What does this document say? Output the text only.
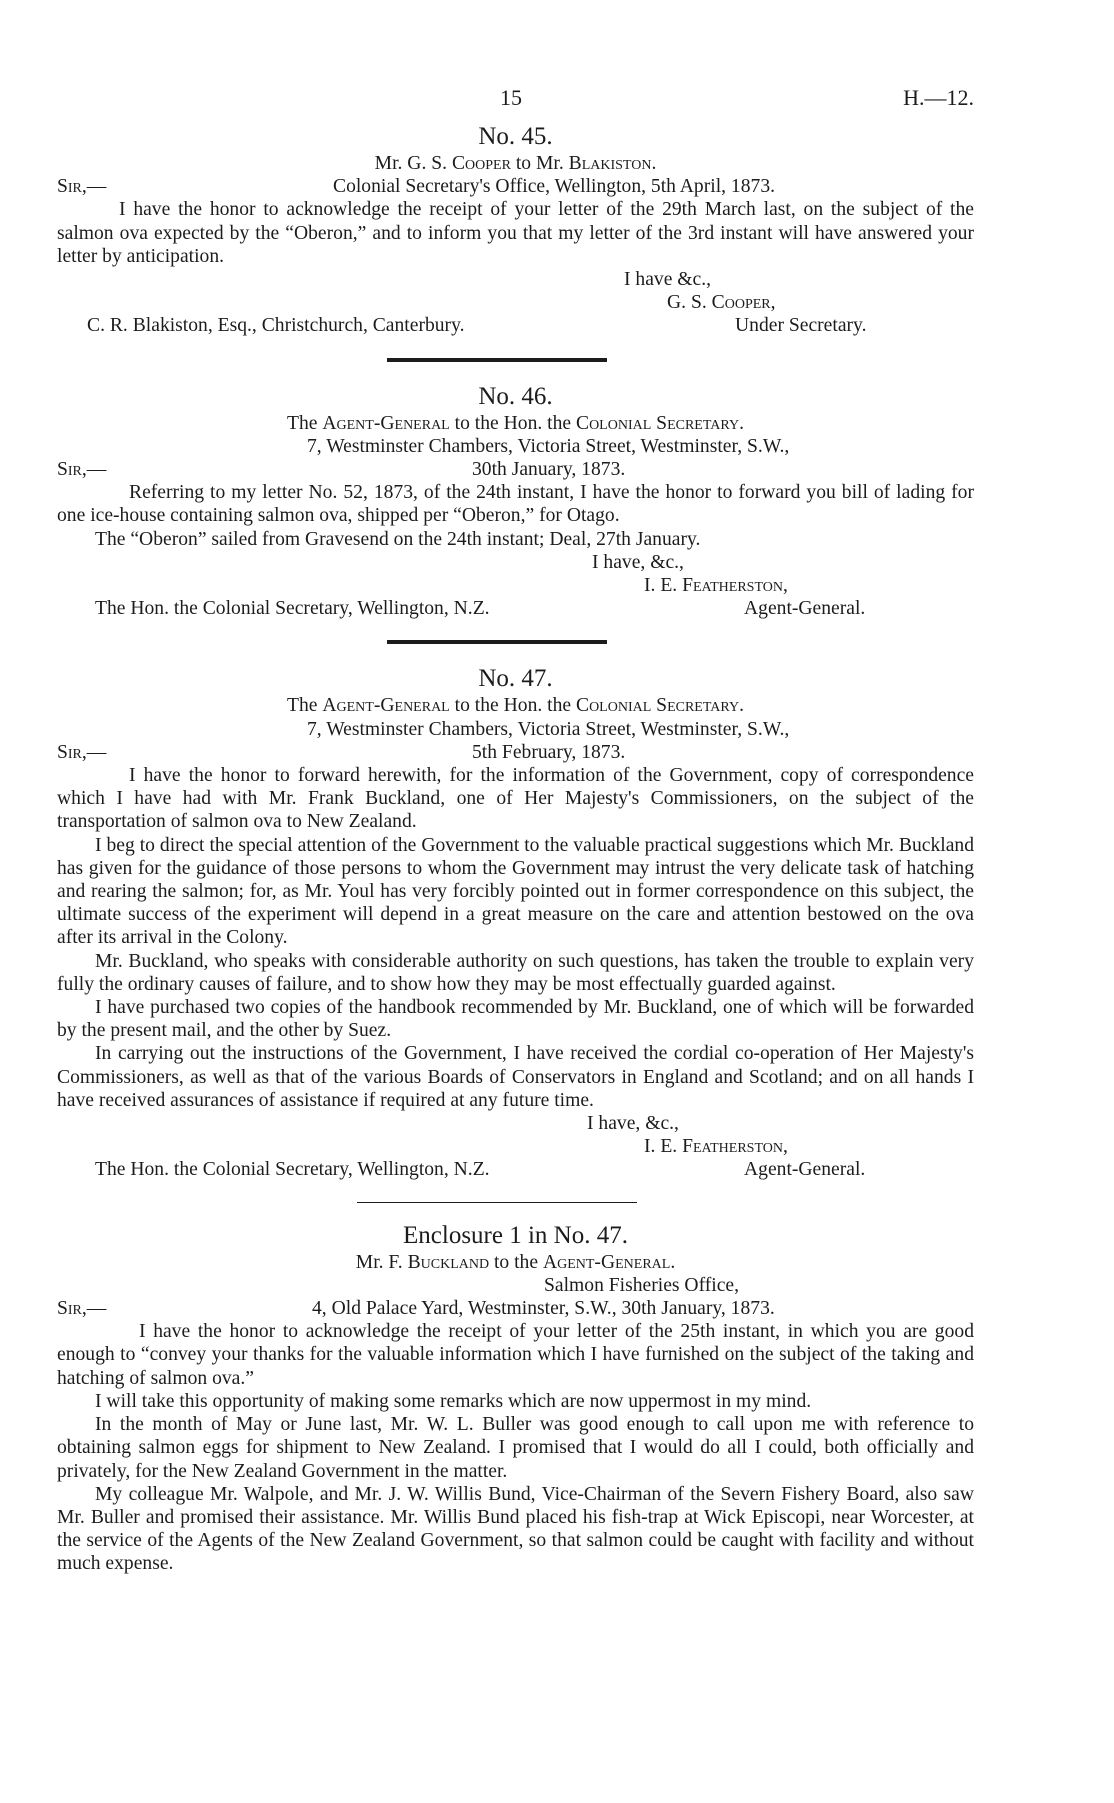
15	H.—12.

No. 45.

Mr. G. S. Cooper to Mr. Blakiston.

Sir,—	Colonial Secretary's Office, Wellington, 5th April, 1873.

I have the honor to acknowledge the receipt of your letter of the 29th March last, on the subject of the salmon ova expected by the “Oberon,” and to inform you that my letter of the 3rd instant will have answered your letter by anticipation.

I have &c.,

G. S. Cooper,

C. R. Blakiston, Esq., Christchurch, Canterbury.	Under Secretary.

No. 46.

The Agent-General to the Hon. the Colonial Secretary.

7, Westminster Chambers, Victoria Street, Westminster, S.W.,

Sir,—	30th January, 1873.

Referring to my letter No. 52, 1873, of the 24th instant, I have the honor to forward you bill of lading for one ice-house containing salmon ova, shipped per “Oberon,” for Otago.

The “Oberon” sailed from Gravesend on the 24th instant; Deal, 27th January.

I have, &c.,

I. E. Featherston,

The Hon. the Colonial Secretary, Wellington, N.Z.	Agent-General.

No. 47.

The Agent-General to the Hon. the Colonial Secretary.

7, Westminster Chambers, Victoria Street, Westminster, S.W.,

Sir,—	5th February, 1873.

I have the honor to forward herewith, for the information of the Government, copy of correspondence which I have had with Mr. Frank Buckland, one of Her Majesty's Commissioners, on the subject of the transportation of salmon ova to New Zealand.

I beg to direct the special attention of the Government to the valuable practical suggestions which Mr. Buckland has given for the guidance of those persons to whom the Government may intrust the very delicate task of hatching and rearing the salmon; for, as Mr. Youl has very forcibly pointed out in former correspondence on this subject, the ultimate success of the experiment will depend in a great measure on the care and attention bestowed on the ova after its arrival in the Colony.

Mr. Buckland, who speaks with considerable authority on such questions, has taken the trouble to explain very fully the ordinary causes of failure, and to show how they may be most effectually guarded against.

I have purchased two copies of the handbook recommended by Mr. Buckland, one of which will be forwarded by the present mail, and the other by Suez.

In carrying out the instructions of the Government, I have received the cordial co-operation of Her Majesty's Commissioners, as well as that of the various Boards of Conservators in England and Scotland; and on all hands I have received assurances of assistance if required at any future time.

I have, &c.,

I. E. Featherston,

The Hon. the Colonial Secretary, Wellington, N.Z.	Agent-General.

Enclosure 1 in No. 47.

Mr. F. Buckland to the Agent-General.

Salmon Fisheries Office,

Sir,—	4, Old Palace Yard, Westminster, S.W., 30th January, 1873.

I have the honor to acknowledge the receipt of your letter of the 25th instant, in which you are good enough to “convey your thanks for the valuable information which I have furnished on the subject of the taking and hatching of salmon ova.”

I will take this opportunity of making some remarks which are now uppermost in my mind.

In the month of May or June last, Mr. W. L. Buller was good enough to call upon me with reference to obtaining salmon eggs for shipment to New Zealand. I promised that I would do all I could, both officially and privately, for the New Zealand Government in the matter.

My colleague Mr. Walpole, and Mr. J. W. Willis Bund, Vice-Chairman of the Severn Fishery Board, also saw Mr. Buller and promised their assistance. Mr. Willis Bund placed his fish-trap at Wick Episcopi, near Worcester, at the service of the Agents of the New Zealand Government, so that salmon could be caught with facility and without much expense.
